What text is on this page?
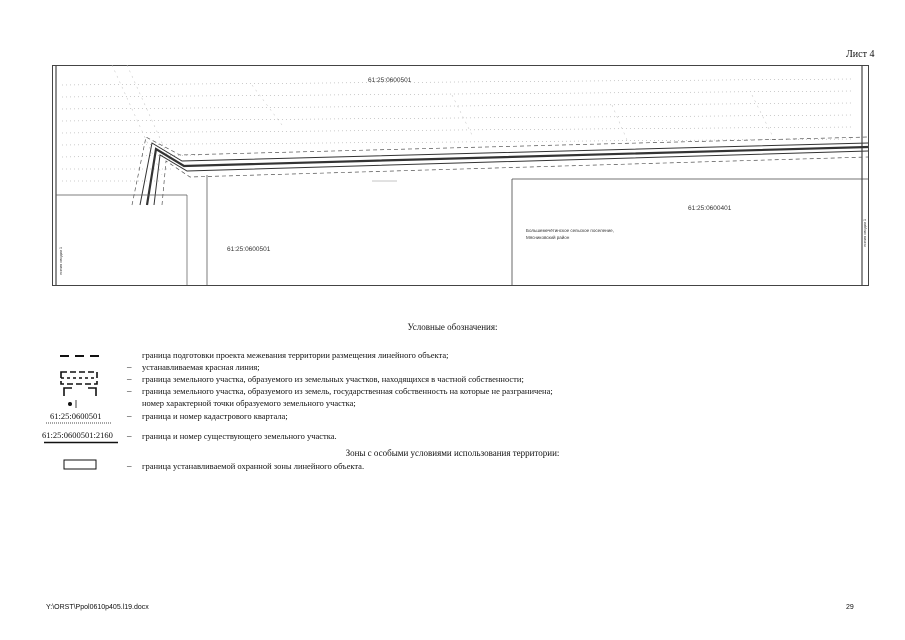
Лист 4
61:25:0600501
61:25:0600501
61:25:0600401
Большемечётинское сельское поселение,
Мясниковский район
линия сводки 1
линия сводки 1
Условные обозначения:
граница подготовки проекта межевания территории размещения линейного объекта;
– устанавливаемая красная линия;
– граница земельного участка, образуемого из земельных участков, находящихся в частной собственности;
– граница земельного участка, образуемого из земель, государственная собственность на которые не разграничена;
номер характерной точки образуемого земельного участка;
61:25:0600501	– граница и номер кадастрового квартала;
61:25:0600501:2160 – граница и номер существующего земельного участка.
Зоны с особыми условиями использования территории:
– граница устанавливаемой охранной зоны линейного объекта.
Y:\ORST\Ppol0610p405.l19.docx	29
